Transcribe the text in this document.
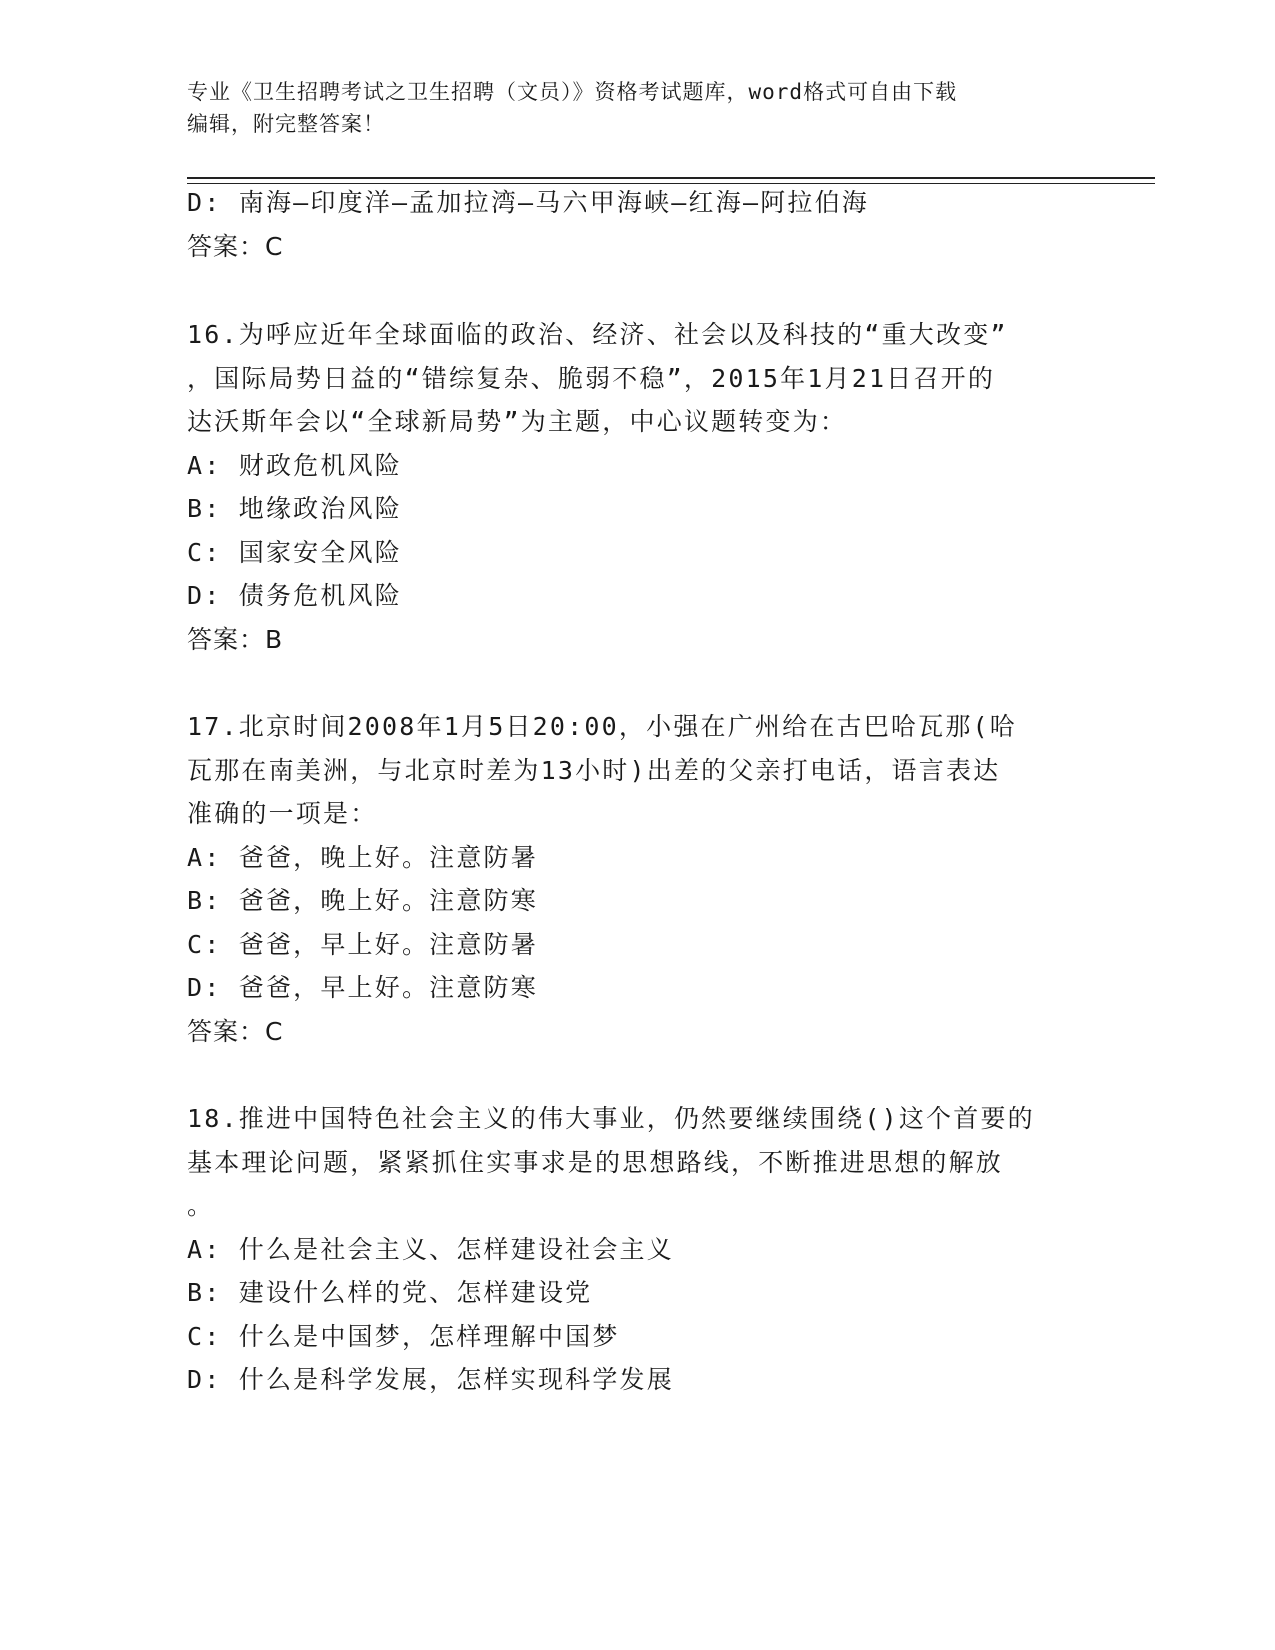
专业《卫生招聘考试之卫生招聘（文员）》资格考试题库，word格式可自由下载
编辑，附完整答案！
D: 南海—印度洋—孟加拉湾—马六甲海峡—红海—阿拉伯海
答案：C
16.为呼应近年全球面临的政治、经济、社会以及科技的“重大改变”
，国际局势日益的“错综复杂、脆弱不稳”，2015年1月21日召开的
达沃斯年会以“全球新局势”为主题，中心议题转变为：
A: 财政危机风险
B: 地缘政治风险
C: 国家安全风险
D: 债务危机风险
答案：B
17.北京时间2008年1月5日20:00，小强在广州给在古巴哈瓦那(哈
瓦那在南美洲，与北京时差为13小时)出差的父亲打电话，语言表达
准确的一项是：
A: 爸爸，晚上好。注意防暑
B: 爸爸，晚上好。注意防寒
C: 爸爸，早上好。注意防暑
D: 爸爸，早上好。注意防寒
答案：C
18.推进中国特色社会主义的伟大事业，仍然要继续围绕()这个首要的
基本理论问题，紧紧抓住实事求是的思想路线，不断推进思想的解放
。
A: 什么是社会主义、怎样建设社会主义
B: 建设什么样的党、怎样建设党
C: 什么是中国梦，怎样理解中国梦
D: 什么是科学发展，怎样实现科学发展
